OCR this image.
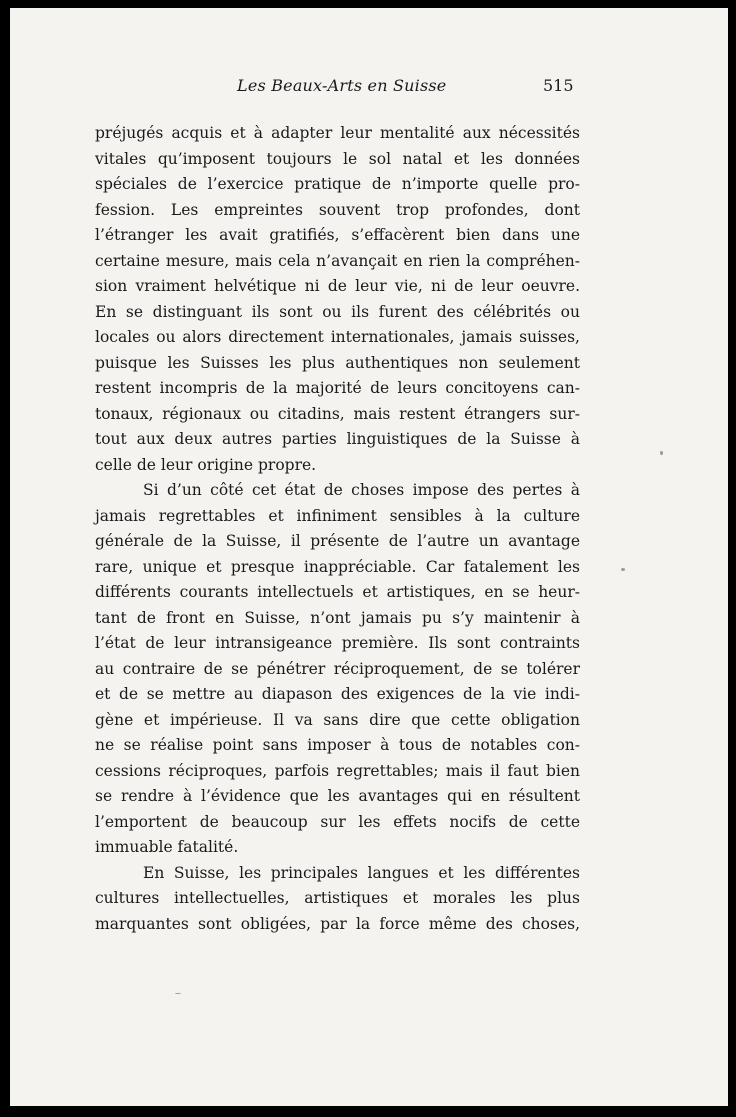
Les Beaux-Arts en Suisse	515
préjugés acquis et à adapter leur mentalité aux nécessités
vitales qu’imposent toujours le sol natal et les données
spéciales de l’exercice pratique de n’importe quelle pro-
fession. Les empreintes souvent trop profondes, dont
l’étranger les avait gratifiés, s’effacèrent bien dans une
certaine mesure, mais cela n’avançait en rien la compréhen-
sion vraiment helvétique ni de leur vie, ni de leur oeuvre.
En se distinguant ils sont ou ils furent des célébrités ou
locales ou alors directement internationales, jamais suisses,
puisque les Suisses les plus authentiques non seulement
restent incompris de la majorité de leurs concitoyens can-
tonaux, régionaux ou citadins, mais restent étrangers sur-
tout aux deux autres parties linguistiques de la Suisse à
celle de leur origine propre.
Si d’un côté cet état de choses impose des pertes à
jamais regrettables et infiniment sensibles à la culture
générale de la Suisse, il présente de l’autre un avantage
rare, unique et presque inappréciable. Car fatalement les
différents courants intellectuels et artistiques, en se heur-
tant de front en Suisse, n’ont jamais pu s’y maintenir à
l’état de leur intransigeance première. Ils sont contraints
au contraire de se pénétrer réciproquement, de se tolérer
et de se mettre au diapason des exigences de la vie indi-
gène et impérieuse. Il va sans dire que cette obligation
ne se réalise point sans imposer à tous de notables con-
cessions réciproques, parfois regrettables; mais il faut bien
se rendre à l’évidence que les avantages qui en résultent
l’emportent de beaucoup sur les effets nocifs de cette
immuable fatalité.
En Suisse, les principales langues et les différentes
cultures intellectuelles, artistiques et morales les plus
marquantes sont obligées, par la force même des choses,
